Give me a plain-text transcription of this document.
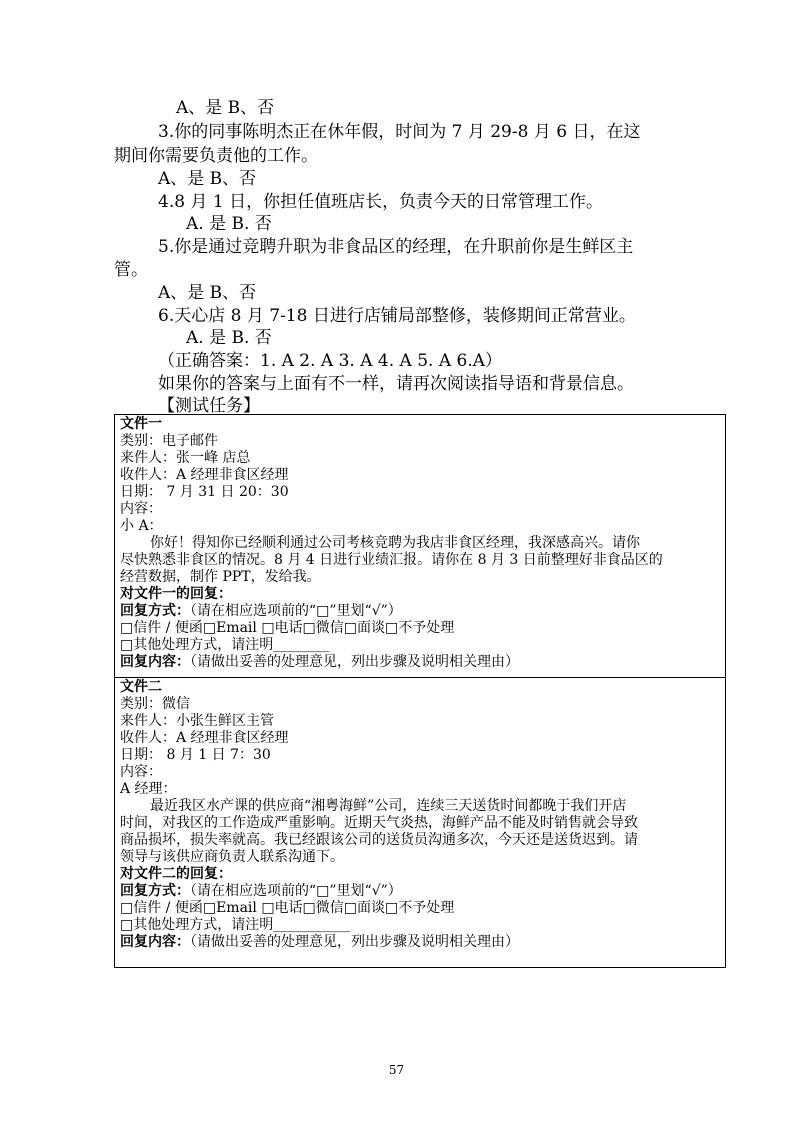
A、是 B、否
3.你的同事陈明杰正在休年假，时间为 7 月 29-8 月 6 日，在这
期间你需要负责他的工作。
A、是 B、否
4.8 月 1 日，你担任值班店长，负责今天的日常管理工作。
A. 是 B. 否
5.你是通过竞聘升职为非食品区的经理，在升职前你是生鲜区主
管。
A、是 B、否
6.天心店 8 月 7-18 日进行店铺局部整修，装修期间正常营业。
A. 是 B. 否
（正确答案：1. A 2. A 3. A 4. A 5. A 6.A）
如果你的答案与上面有不一样，请再次阅读指导语和背景信息。
【测试任务】
文件一
类别：电子邮件
来件人：张一峰 店总
收件人：A 经理非食区经理
日期： 7 月 31 日 20：30
内容：
小 A：
你好！得知你已经顺利通过公司考核竞聘为我店非食区经理，我深感高兴。请你
尽快熟悉非食区的情况。8 月 4 日进行业绩汇报。请你在 8 月 3 日前整理好非食品区的
经营数据，制作 PPT，发给我。
对文件一的回复：
回复方式：（请在相应选项前的“□”里划“√”）
□信件 / 便函□Email □电话□微信□面谈□不予处理
□其他处理方式，请注明________
回复内容：（请做出妥善的处理意见，列出步骤及说明相关理由）
文件二
类别：微信
来件人：小张生鲜区主管
收件人：A 经理非食区经理
日期： 8 月 1 日 7：30
内容：
A 经理：
最近我区水产课的供应商“湘粤海鲜”公司，连续三天送货时间都晚于我们开店
时间，对我区的工作造成严重影响。近期天气炎热，海鲜产品不能及时销售就会导致
商品损坏，损失率就高。我已经跟该公司的送货员沟通多次，今天还是送货迟到。请
领导与该供应商负责人联系沟通下。
对文件二的回复：
回复方式：（请在相应选项前的“□”里划“√”）
□信件 / 便函□Email □电话□微信□面谈□不予处理
□其他处理方式，请注明___________
回复内容：（请做出妥善的处理意见，列出步骤及说明相关理由）
57
